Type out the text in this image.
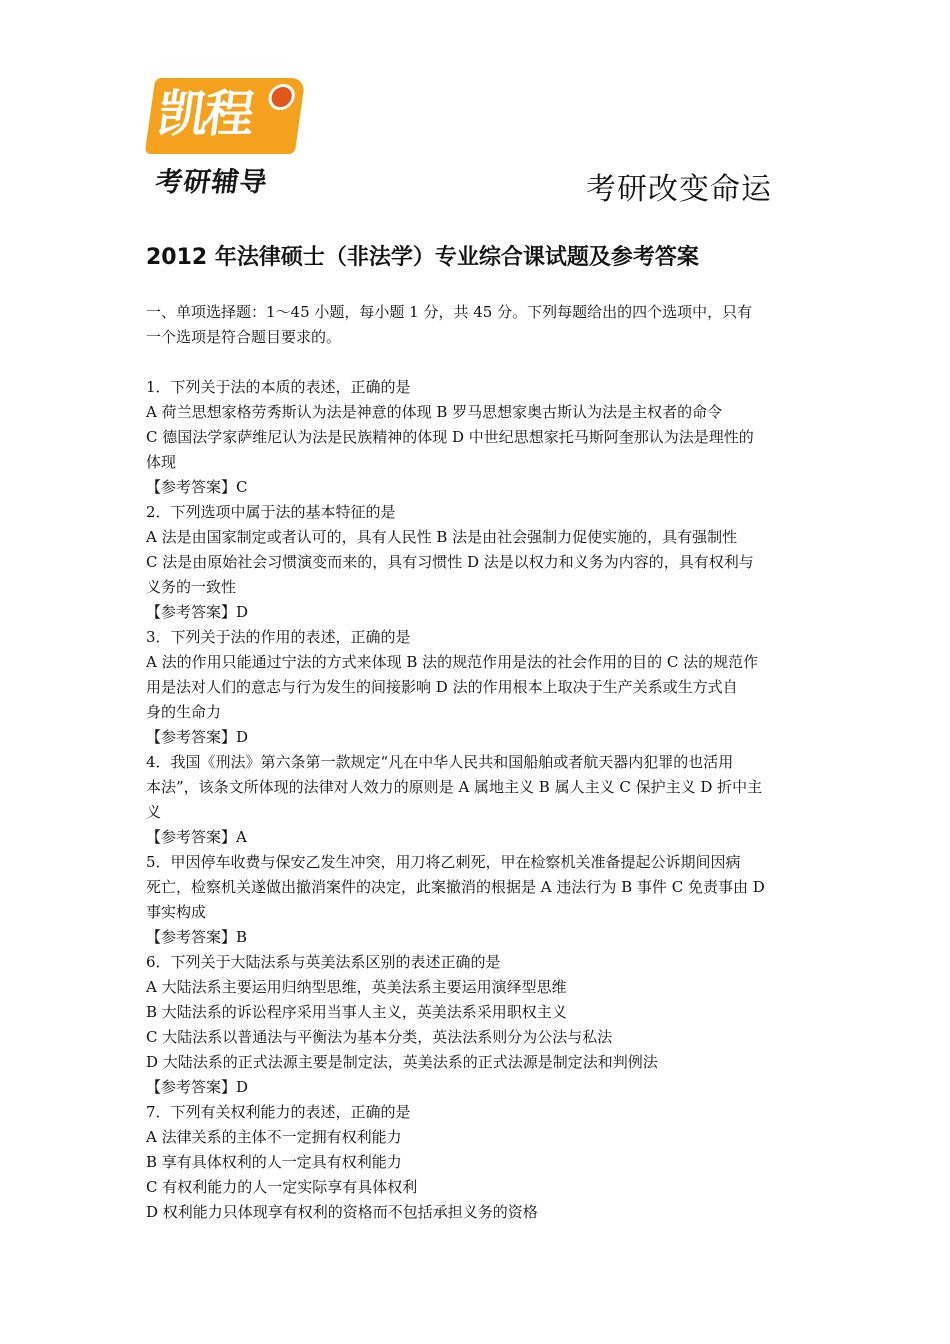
凯程
考研辅导	考研改变命运
2012 年法律硕士（非法学）专业综合课试题及参考答案

一、单项选择题：1～45 小题，每小题 1 分，共 45 分。下列每题给出的四个选项中，只有

一个选项是符合题目要求的。

1．下列关于法的本质的表述，正确的是

A 荷兰思想家格劳秀斯认为法是神意的体现 B 罗马思想家奥古斯认为法是主权者的命令

C 德国法学家萨维尼认为法是民族精神的体现 D 中世纪思想家托马斯阿奎那认为法是理性的

体现

【参考答案】C

2．下列选项中属于法的基本特征的是

A 法是由国家制定或者认可的，具有人民性 B 法是由社会强制力促使实施的，具有强制性

C 法是由原始社会习惯演变而来的，具有习惯性 D 法是以权力和义务为内容的，具有权利与

义务的一致性

【参考答案】D

3．下列关于法的作用的表述，正确的是

A 法的作用只能通过宁法的方式来体现 B 法的规范作用是法的社会作用的目的 C 法的规范作

用是法对人们的意志与行为发生的间接影响 D 法的作用根本上取决于生产关系或生方式自

身的生命力

【参考答案】D

4．我国《刑法》第六条第一款规定“凡在中华人民共和国船舶或者航天器内犯罪的也活用

本法”，该条文所体现的法律对人效力的原则是 A 属地主义 B 属人主义 C 保护主义 D 折中主

义

【参考答案】A

5．甲因停车收费与保安乙发生冲突，用刀将乙刺死，甲在检察机关准备提起公诉期间因病

死亡，检察机关遂做出撤消案件的决定，此案撤消的根据是 A 违法行为 B 事件 C 免责事由 D

事实构成

【参考答案】B

6．下列关于大陆法系与英美法系区别的表述正确的是

A 大陆法系主要运用归纳型思维，英美法系主要运用演绎型思维

B 大陆法系的诉讼程序采用当事人主义，英美法系采用职权主义

C 大陆法系以普通法与平衡法为基本分类，英法法系则分为公法与私法

D 大陆法系的正式法源主要是制定法，英美法系的正式法源是制定法和判例法

【参考答案】D

7．下列有关权利能力的表述，正确的是

A 法律关系的主体不一定拥有权利能力

B 享有具体权利的人一定具有权利能力

C 有权利能力的人一定实际享有具体权利

D 权利能力只体现享有权利的资格而不包括承担义务的资格
